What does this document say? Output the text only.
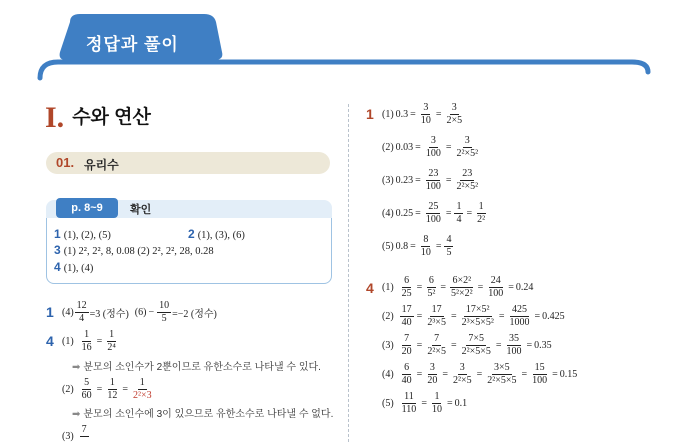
정답과 풀이
I. 수와 연산
01. 유리수
p. 8~9	확인
1 (1), (2), (5)	2 (1), (3), (6)
3 (1) 2², 2², 8, 0.08 (2) 2², 2², 28, 0.28
4 (1), (4)
1 $(4) \frac{12}{4} =3$ (정수) $(6) - \frac{10}{5} =-2$ (정수)
4 $(1) \frac{1}{16} = \frac{1}{\text{2⁴}}$
➡ 분모의 소인수가 2뿐이므로 유한소수로 나타낼 수 있다.
$(2) \frac{5}{60} = \frac{1}{12} = \frac{1}{\text{2²×3}}$
➡ 분모의 소인수에 3이 있으므로 유한소수로 나타낼 수 없다.
(3)
7

1 (1) $0.3 = \frac{3}{10} = \frac{3}{2\times 5}$
(2) $0.03 = \frac{3}{100} = \frac{3}{\text{2²×5²}}$
(3) $0.23 = \frac{23}{100} = \frac{23}{\text{2²×5²}}$
(4) $0.25 = \frac{25}{100} = \frac{1}{4} = \frac{1}{\text{2²}}$
(5) $0.8 = \frac{8}{10} = \frac{4}{5}$
4 $(1) \frac{6}{25} = \frac{6}{\text{5²}} = \frac{\text{6×2²}}{\text{5²×2²}} = \frac{24}{100} = 0.24$
$(2) \frac{17}{40} = \frac{17}{\text{2³×5}} = \frac{\text{17×5²}}{\text{2³×5×5²}} = \frac{425}{1000} = 0.425$
$(3) \frac{7}{20} = \frac{7}{\text{2²×5}} = \frac{7\times 5}{\text{2²×5×5}} = \frac{35}{100} = 0.35$
$(4) \frac{6}{40} = \frac{3}{20} = \frac{3}{\text{2²×5}} = \frac{3\times 5}{\text{2²×5×5}} = \frac{15}{100} = 0.15$
$(5) \frac{11}{110} = \frac{1}{10} = 0.1$
